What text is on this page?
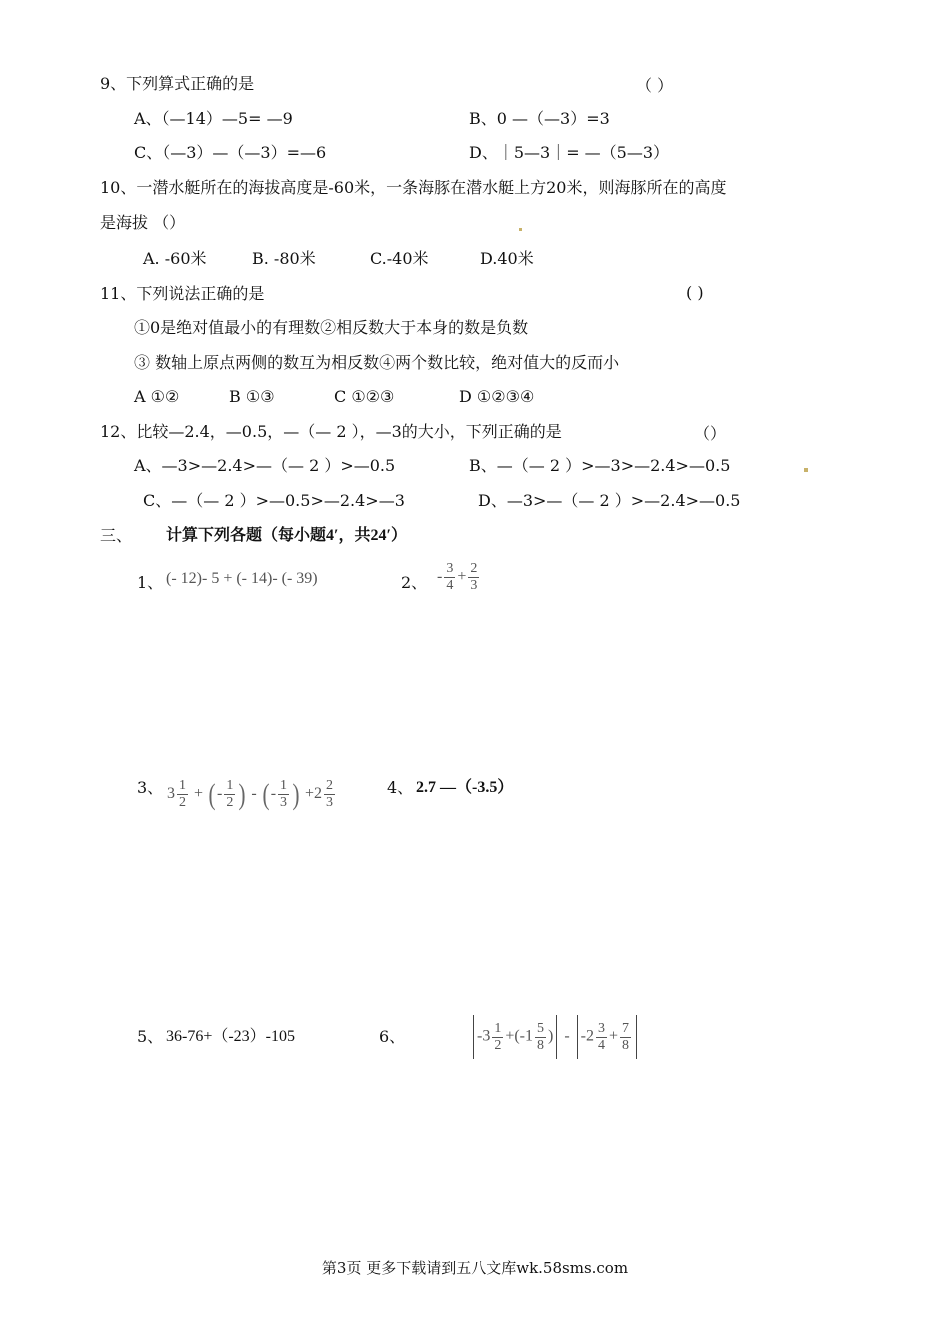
9、下列算式正确的是	（ ）
A、（—14）—5= —9	B、0 —（—3）=3
C、（—3）—（—3）=—6	D、｜5—3｜= —（5—3）
10、一潜水艇所在的海拔高度是-60米，一条海豚在潜水艇上方20米，则海豚所在的高度
是海拔 （）
A. -60米	B. -80米	C.-40米	D.40米
11、下列说法正确的是	( )
①0是绝对值最小的有理数②相反数大于本身的数是负数
③ 数轴上原点两侧的数互为相反数④两个数比较，绝对值大的反而小
A ①②	B ①③	C ①②③	D ①②③④
12、比较—2.4，—0.5，—（— 2 ），—3的大小，下列正确的是	（）
A、—3>—2.4>—（— 2 ）>—0.5	B、—（— 2 ）>—3>—2.4>—0.5
C、—（— 2 ）>—0.5>—2.4>—3	D、—3>—（— 2 ）>—2.4>—0.5
三、 计算下列各题（每小题4′，共24′）
1、 (- 12)- 5 + (- 14)- (- 39)	2、 - $\frac{3}{4} + \frac{2}{3}$
3、 $3 \frac{1}{2}$ + (- $\frac{1}{2}$ ) - (- $\frac{1}{3}$ ) $+2 \frac{2}{3}$	4、 2.7 —（-3.5）
5、 36-76+（-23）-105	6、	$-3 \frac{1}{2} +(-1 \frac{5}{8}$ ) - $-2 \frac{3}{4} + \frac{7}{8}$
第3页 更多下载请到五八文库wk.58sms.com
